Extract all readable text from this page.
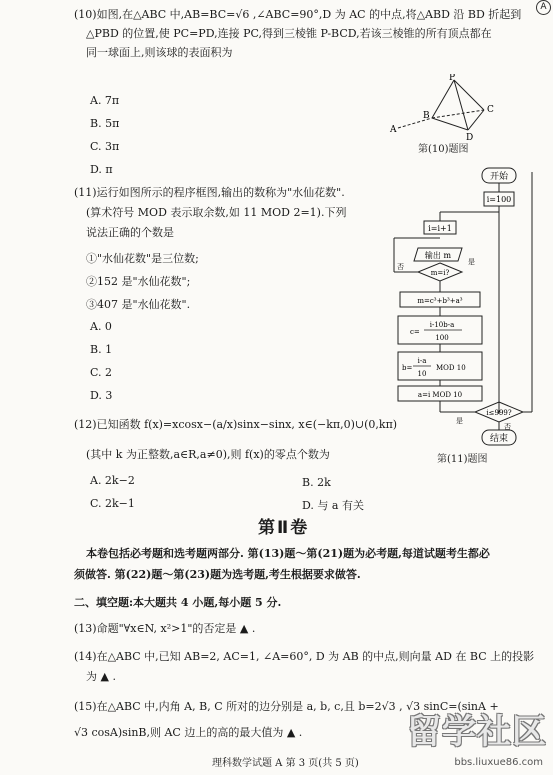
A
(10)如图,在△ABC 中,AB=BC=√6 ,∠ABC=90°,D 为 AC 的中点,将△ABD 沿 BD 折起到
△PBD 的位置,使 PC=PD,连接 PC,得到三棱锥 P-BCD,若该三棱锥的所有顶点都在
同一球面上,则该球的表面积为
A. 7π
B. 5π
C. 3π
D. π
P
A
B
C
D
第(10)题图
(11)运行如图所示的程序框图,输出的数称为"水仙花数".
(算术符号 MOD 表示取余数,如 11 MOD 2=1).下列
说法正确的个数是
①"水仙花数"是三位数;
②152 是"水仙花数";
③407 是"水仙花数".
A. 0
B. 1
C. 2
D. 3
开始
i=100
i=i+1
输出 m
是
m=i?
否
m=c³+b³+a³
c=
i-10b-a
100
b=
i-a
10
MOD 10
a=i MOD 10
i≤999?
是
否
结束
第(11)题图
(12)已知函数 f(x)=xcosx−(a/x)sinx−sinx, x∈(−kπ,0)∪(0,kπ)
(其中 k 为正整数,a∈R,a≠0),则 f(x)的零点个数为
A. 2k−2	B. 2k
C. 2k−1	D. 与 a 有关
第Ⅱ卷
本卷包括必考题和选考题两部分. 第(13)题～第(21)题为必考题,每道试题考生都必
须做答. 第(22)题～第(23)题为选考题,考生根据要求做答.
二、填空题:本大题共 4 小题,每小题 5 分.
(13)命题"∀x∈N, x²>1"的否定是 ▲ .
(14)在△ABC 中,已知 AB=2, AC=1, ∠A=60°, D 为 AB 的中点,则向量 AD 在 BC 上的投影
为 ▲ .
(15)在△ABC 中,内角 A, B, C 所对的边分别是 a, b, c,且 b=2√3 , √3 sinC=(sinA +
√3 cosA)sinB,则 AC 边上的高的最大值为 ▲ .
理科数学试题 A 第 3 页(共 5 页)
留学社区
bbs.liuxue86.com
